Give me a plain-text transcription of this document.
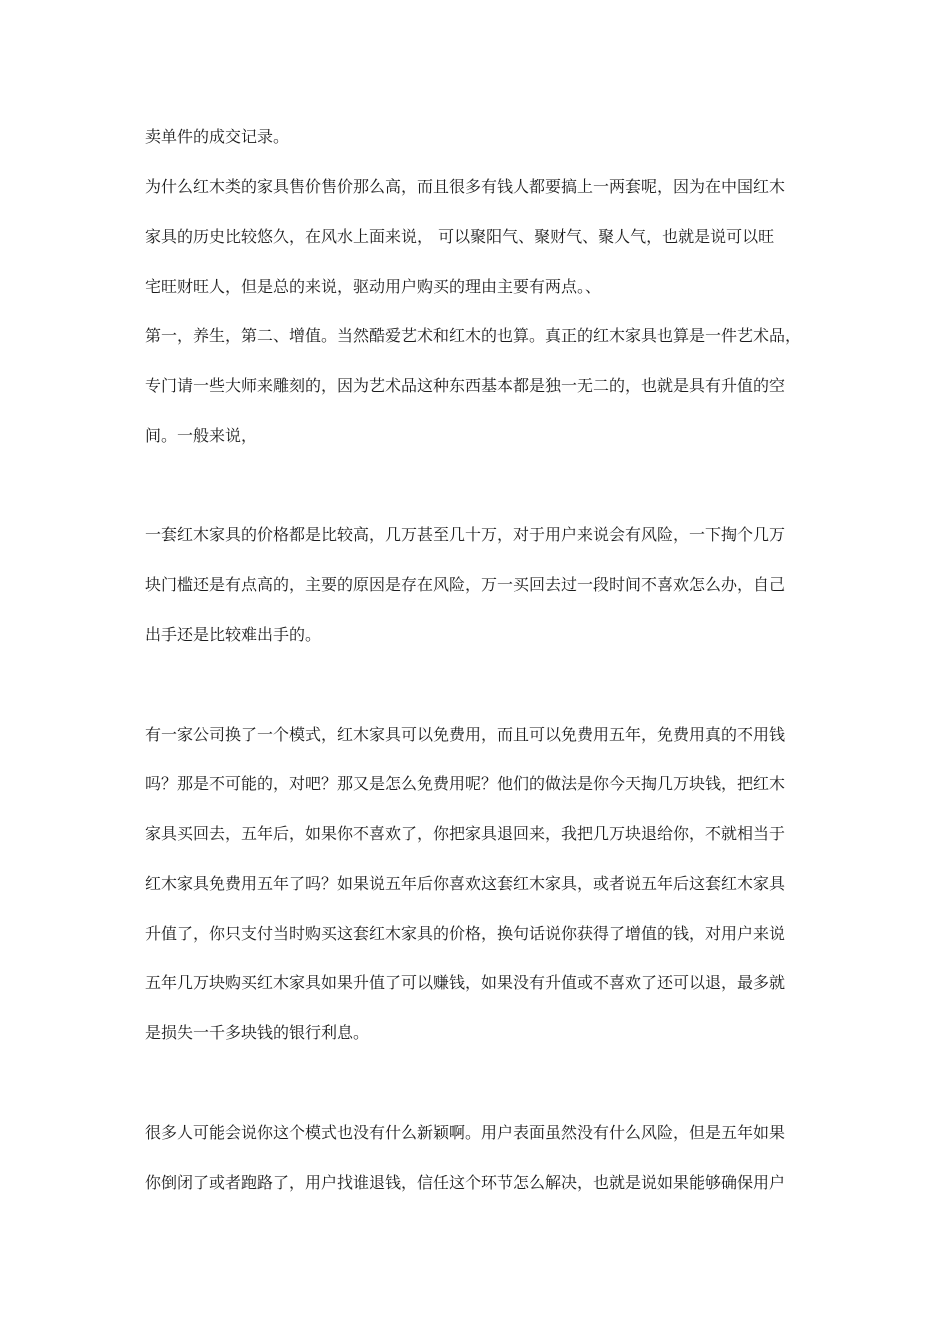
卖单件的成交记录。
为什么红木类的家具售价售价那么高，而且很多有钱人都要搞上一两套呢，因为在中国红木
家具的历史比较悠久，在风水上面来说， 可以聚阳气、聚财气、聚人气，也就是说可以旺
宅旺财旺人，但是总的来说，驱动用户购买的理由主要有两点。、
第一，养生，第二、增值。当然酷爱艺术和红木的也算。真正的红木家具也算是一件艺术品，
专门请一些大师来雕刻的，因为艺术品这种东西基本都是独一无二的，也就是具有升值的空
间。一般来说，
一套红木家具的价格都是比较高，几万甚至几十万，对于用户来说会有风险，一下掏个几万
块门槛还是有点高的，主要的原因是存在风险，万一买回去过一段时间不喜欢怎么办，自己
出手还是比较难出手的。
有一家公司换了一个模式，红木家具可以免费用，而且可以免费用五年，免费用真的不用钱
吗？那是不可能的，对吧？那又是怎么免费用呢？他们的做法是你今天掏几万块钱，把红木
家具买回去，五年后，如果你不喜欢了，你把家具退回来，我把几万块退给你，不就相当于
红木家具免费用五年了吗？如果说五年后你喜欢这套红木家具，或者说五年后这套红木家具
升值了，你只支付当时购买这套红木家具的价格，换句话说你获得了增值的钱，对用户来说
五年几万块购买红木家具如果升值了可以赚钱，如果没有升值或不喜欢了还可以退，最多就
是损失一千多块钱的银行利息。
很多人可能会说你这个模式也没有什么新颖啊。用户表面虽然没有什么风险，但是五年如果
你倒闭了或者跑路了，用户找谁退钱，信任这个环节怎么解决，也就是说如果能够确保用户
